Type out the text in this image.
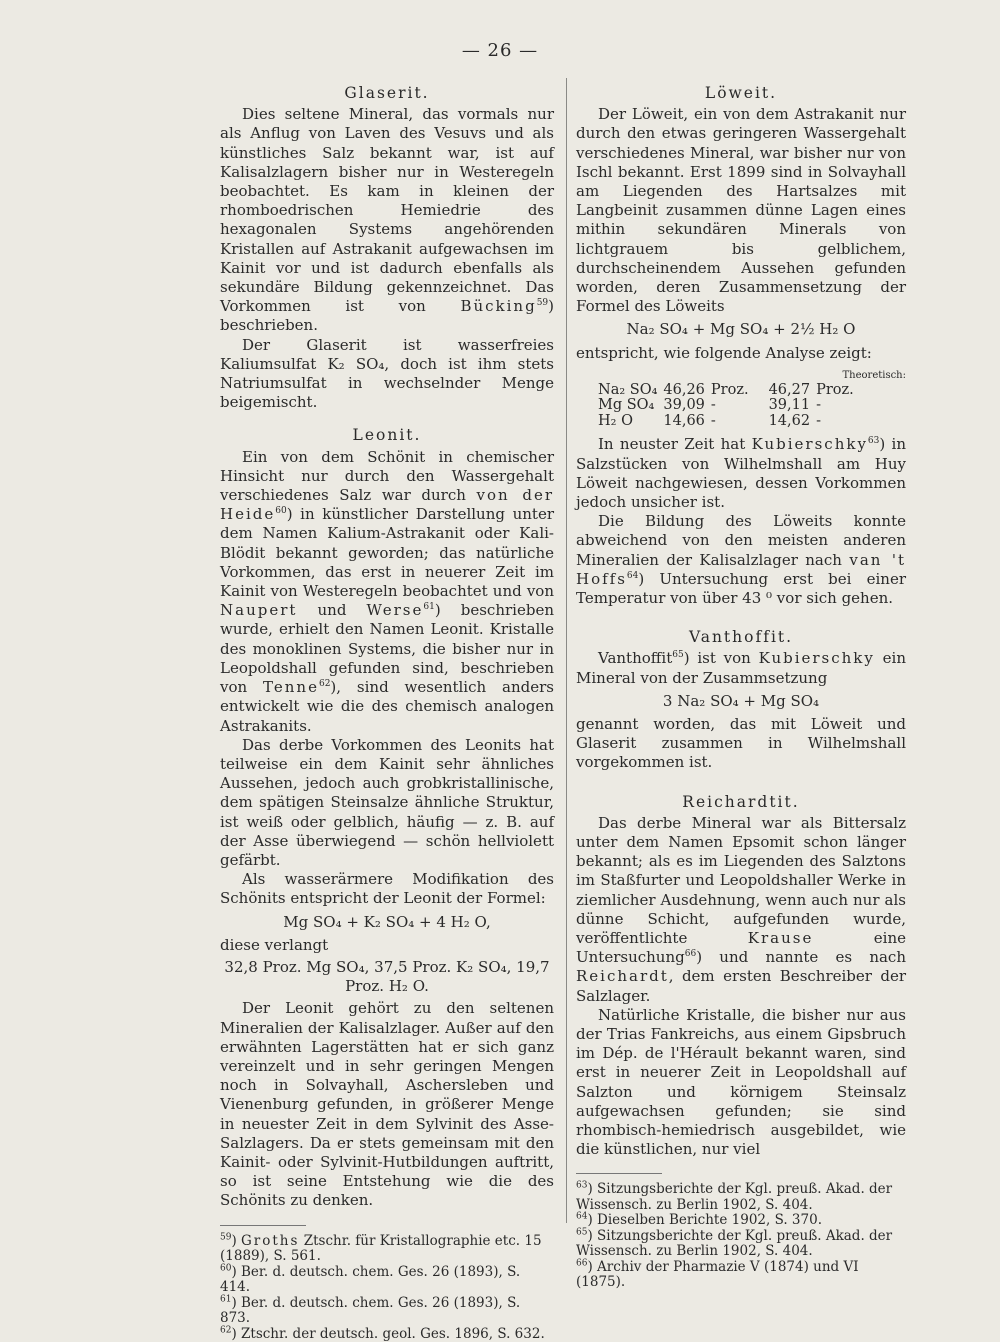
— 26 —
Glaserit.

Dies seltene Mineral, das vormals nur als Anflug von Laven des Vesuvs und als künstliches Salz bekannt war, ist auf Kalisalzlagern bisher nur in Westeregeln beobachtet. Es kam in kleinen der rhomboedrischen Hemiedrie des hexagonalen Systems angehörenden Kristallen auf Astrakanit aufgewachsen im Kainit vor und ist dadurch ebenfalls als sekundäre Bildung gekennzeichnet. Das Vorkommen ist von Bücking$^{59}$) beschrieben.

Der Glaserit ist wasserfreies Kaliumsulfat K₂ SO₄, doch ist ihm stets Natriumsulfat in wechselnder Menge beigemischt.

Leonit.

Ein von dem Schönit in chemischer Hinsicht nur durch den Wassergehalt verschiedenes Salz war durch von der Heide$^{60}$) in künstlicher Darstellung unter dem Namen Kalium-Astrakanit oder Kali-Blödit bekannt geworden; das natürliche Vorkommen, das erst in neuerer Zeit im Kainit von Westeregeln beobachtet und von Naupert und Werse$^{61}$) beschrieben wurde, erhielt den Namen Leonit. Kristalle des monoklinen Systems, die bisher nur in Leopoldshall gefunden sind, beschrieben von Tenne$^{62}$), sind wesentlich anders entwickelt wie die des chemisch analogen Astrakanits.

Das derbe Vorkommen des Leonits hat teilweise ein dem Kainit sehr ähnliches Aussehen, jedoch auch grobkristallinische, dem spätigen Steinsalze ähnliche Struktur, ist weiß oder gelblich, häufig — z. B. auf der Asse überwiegend — schön hellviolett gefärbt.

Als wasserärmere Modifikation des Schönits entspricht der Leonit der Formel:

Mg SO₄ + K₂ SO₄ + 4 H₂ O,

diese verlangt

32,8 Proz. Mg SO₄, 37,5 Proz. K₂ SO₄, 19,7 Proz. H₂ O.

Der Leonit gehört zu den seltenen Mineralien der Kalisalzlager. Außer auf den erwähnten Lagerstätten hat er sich ganz vereinzelt und in sehr geringen Mengen noch in Solvayhall, Aschersleben und Vienenburg gefunden, in größerer Menge in neuester Zeit in dem Sylvinit des Asse-Salzlagers. Da er stets gemeinsam mit den Kainit- oder Sylvinit-Hutbildungen auftritt, so ist seine Entstehung wie die des Schönits zu denken.

$^{59}$) Groths Ztschr. für Kristallographie etc. 15 (1889), S. 561.
$^{60}$) Ber. d. deutsch. chem. Ges. 26 (1893), S. 414.
$^{61}$) Ber. d. deutsch. chem. Ges. 26 (1893), S. 873.
$^{62}$) Ztschr. der deutsch. geol. Ges. 1896, S. 632.
Löweit.

Der Löweit, ein von dem Astrakanit nur durch den etwas geringeren Wassergehalt verschiedenes Mineral, war bisher nur von Ischl bekannt. Erst 1899 sind in Solvayhall am Liegenden des Hartsalzes mit Langbeinit zusammen dünne Lagen eines mithin sekundären Minerals von lichtgrauem bis gelblichem, durchscheinendem Aussehen gefunden worden, deren Zusammensetzung der Formel des Löweits

Na₂ SO₄ + Mg SO₄ + 2½ H₂ O

entspricht, wie folgende Analyse zeigt:

Theoretisch:
Na₂ SO₄	46,26	Proz.	46,27	Proz.
Mg SO₄	39,09	-	39,11	-
H₂ O	14,66	-	14,62	-

In neuster Zeit hat Kubierschky$^{63}$) in Salzstücken von Wilhelmshall am Huy Löweit nachgewiesen, dessen Vorkommen jedoch unsicher ist.

Die Bildung des Löweits konnte abweichend von den meisten anderen Mineralien der Kalisalzlager nach van 't Hoffs$^{64}$) Untersuchung erst bei einer Temperatur von über 43 ⁰ vor sich gehen.

Vanthoffit.

Vanthoffit$^{65}$) ist von Kubierschky ein Mineral von der Zusammsetzung

3 Na₂ SO₄ + Mg SO₄

genannt worden, das mit Löweit und Glaserit zusammen in Wilhelmshall vorgekommen ist.

Reichardtit.

Das derbe Mineral war als Bittersalz unter dem Namen Epsomit schon länger bekannt; als es im Liegenden des Salztons im Staßfurter und Leopoldshaller Werke in ziemlicher Ausdehnung, wenn auch nur als dünne Schicht, aufgefunden wurde, veröffentlichte	Krause	eine Untersuchung$^{66}$) und nannte es nach Reichardt, dem ersten Beschreiber der Salzlager.

Natürliche Kristalle, die bisher nur aus der Trias Fankreichs, aus einem Gipsbruch im Dép. de l'Hérault bekannt waren, sind erst in neuerer Zeit in Leopoldshall auf Salzton und körnigem Steinsalz aufgewachsen gefunden; sie sind rhombisch-hemiedrisch ausgebildet, wie die künstlichen, nur viel

$^{63}$) Sitzungsberichte der Kgl. preuß. Akad. der Wissensch. zu Berlin 1902, S. 404.
$^{64}$) Dieselben Berichte 1902, S. 370.
$^{65}$) Sitzungsberichte der Kgl. preuß. Akad. der Wissensch. zu Berlin 1902, S. 404.
$^{66}$) Archiv der Pharmazie V (1874) und VI (1875).
